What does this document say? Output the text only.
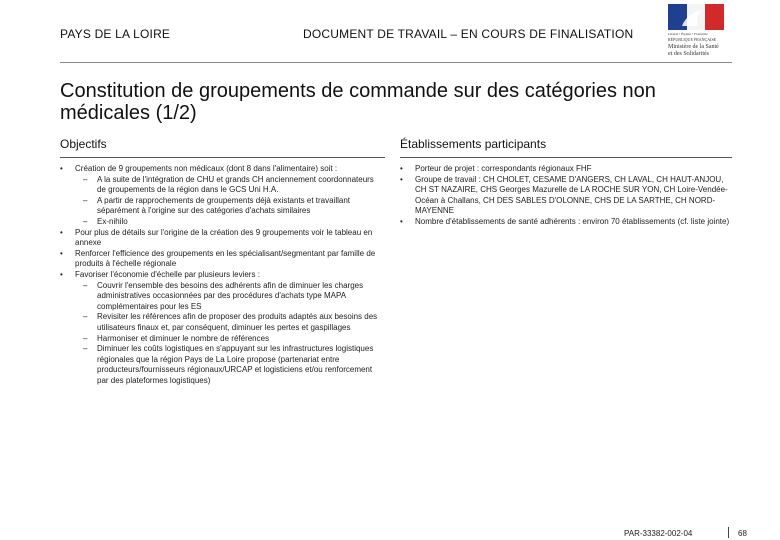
PAYS DE LA LOIRE	DOCUMENT DE TRAVAIL – EN COURS DE FINALISATION	Liberté • Égalité • Fraternité
RÉPUBLIQUE FRANÇAISE
Ministère de la Santé
et des Solidarités
Constitution de groupements de commande sur des catégories non médicales (1/2)
Objectifs	Établissements participants
• Création de 9 groupements non médicaux (dont 8 dans l'alimentaire) soit :
– A la suite de l'intégration de CHU et grands CH anciennement coordonnateurs de groupements de la région dans le GCS Uni H.A.
– A partir de rapprochements de groupements déjà existants et travaillant séparément à l'origine sur des catégories d'achats similaires
– Ex-nihilo
• Pour plus de détails sur l'origine de la création des 9 groupements voir le tableau en annexe
• Renforcer l'efficience des groupements en les spécialisant/segmentant par famille de produits à l'échelle régionale
• Favoriser l'économie d'échelle par plusieurs leviers :
– Couvrir l'ensemble des besoins des adhérents afin de diminuer les charges administratives occasionnées par des procédures d'achats type MAPA complémentaires pour les ES
– Revisiter les références afin de proposer des produits adaptés aux besoins des utilisateurs finaux et, par conséquent, diminuer les pertes et gaspillages
– Harmoniser et diminuer le nombre de références
– Diminuer les coûts logistiques en s'appuyant sur les infrastructures logistiques régionales que la région Pays de La Loire propose (partenariat entre producteurs/fournisseurs régionaux/URCAP et logisticiens et/ou renforcement par des plateformes logistiques)
• Porteur de projet : correspondants régionaux FHF
• Groupe de travail : CH CHOLET, CESAME D'ANGERS, CH LAVAL, CH HAUT-ANJOU, CH ST NAZAIRE, CHS Georges Mazurelle de LA ROCHE SUR YON, CH Loire-Vendée-Océan à Challans, CH DES SABLES D'OLONNE, CHS DE LA SARTHE, CH NORD-MAYENNE
• Nombre d'établissements de santé adhérents : environ 70 établissements (cf. liste jointe)
PAR-33382-002-04	68
